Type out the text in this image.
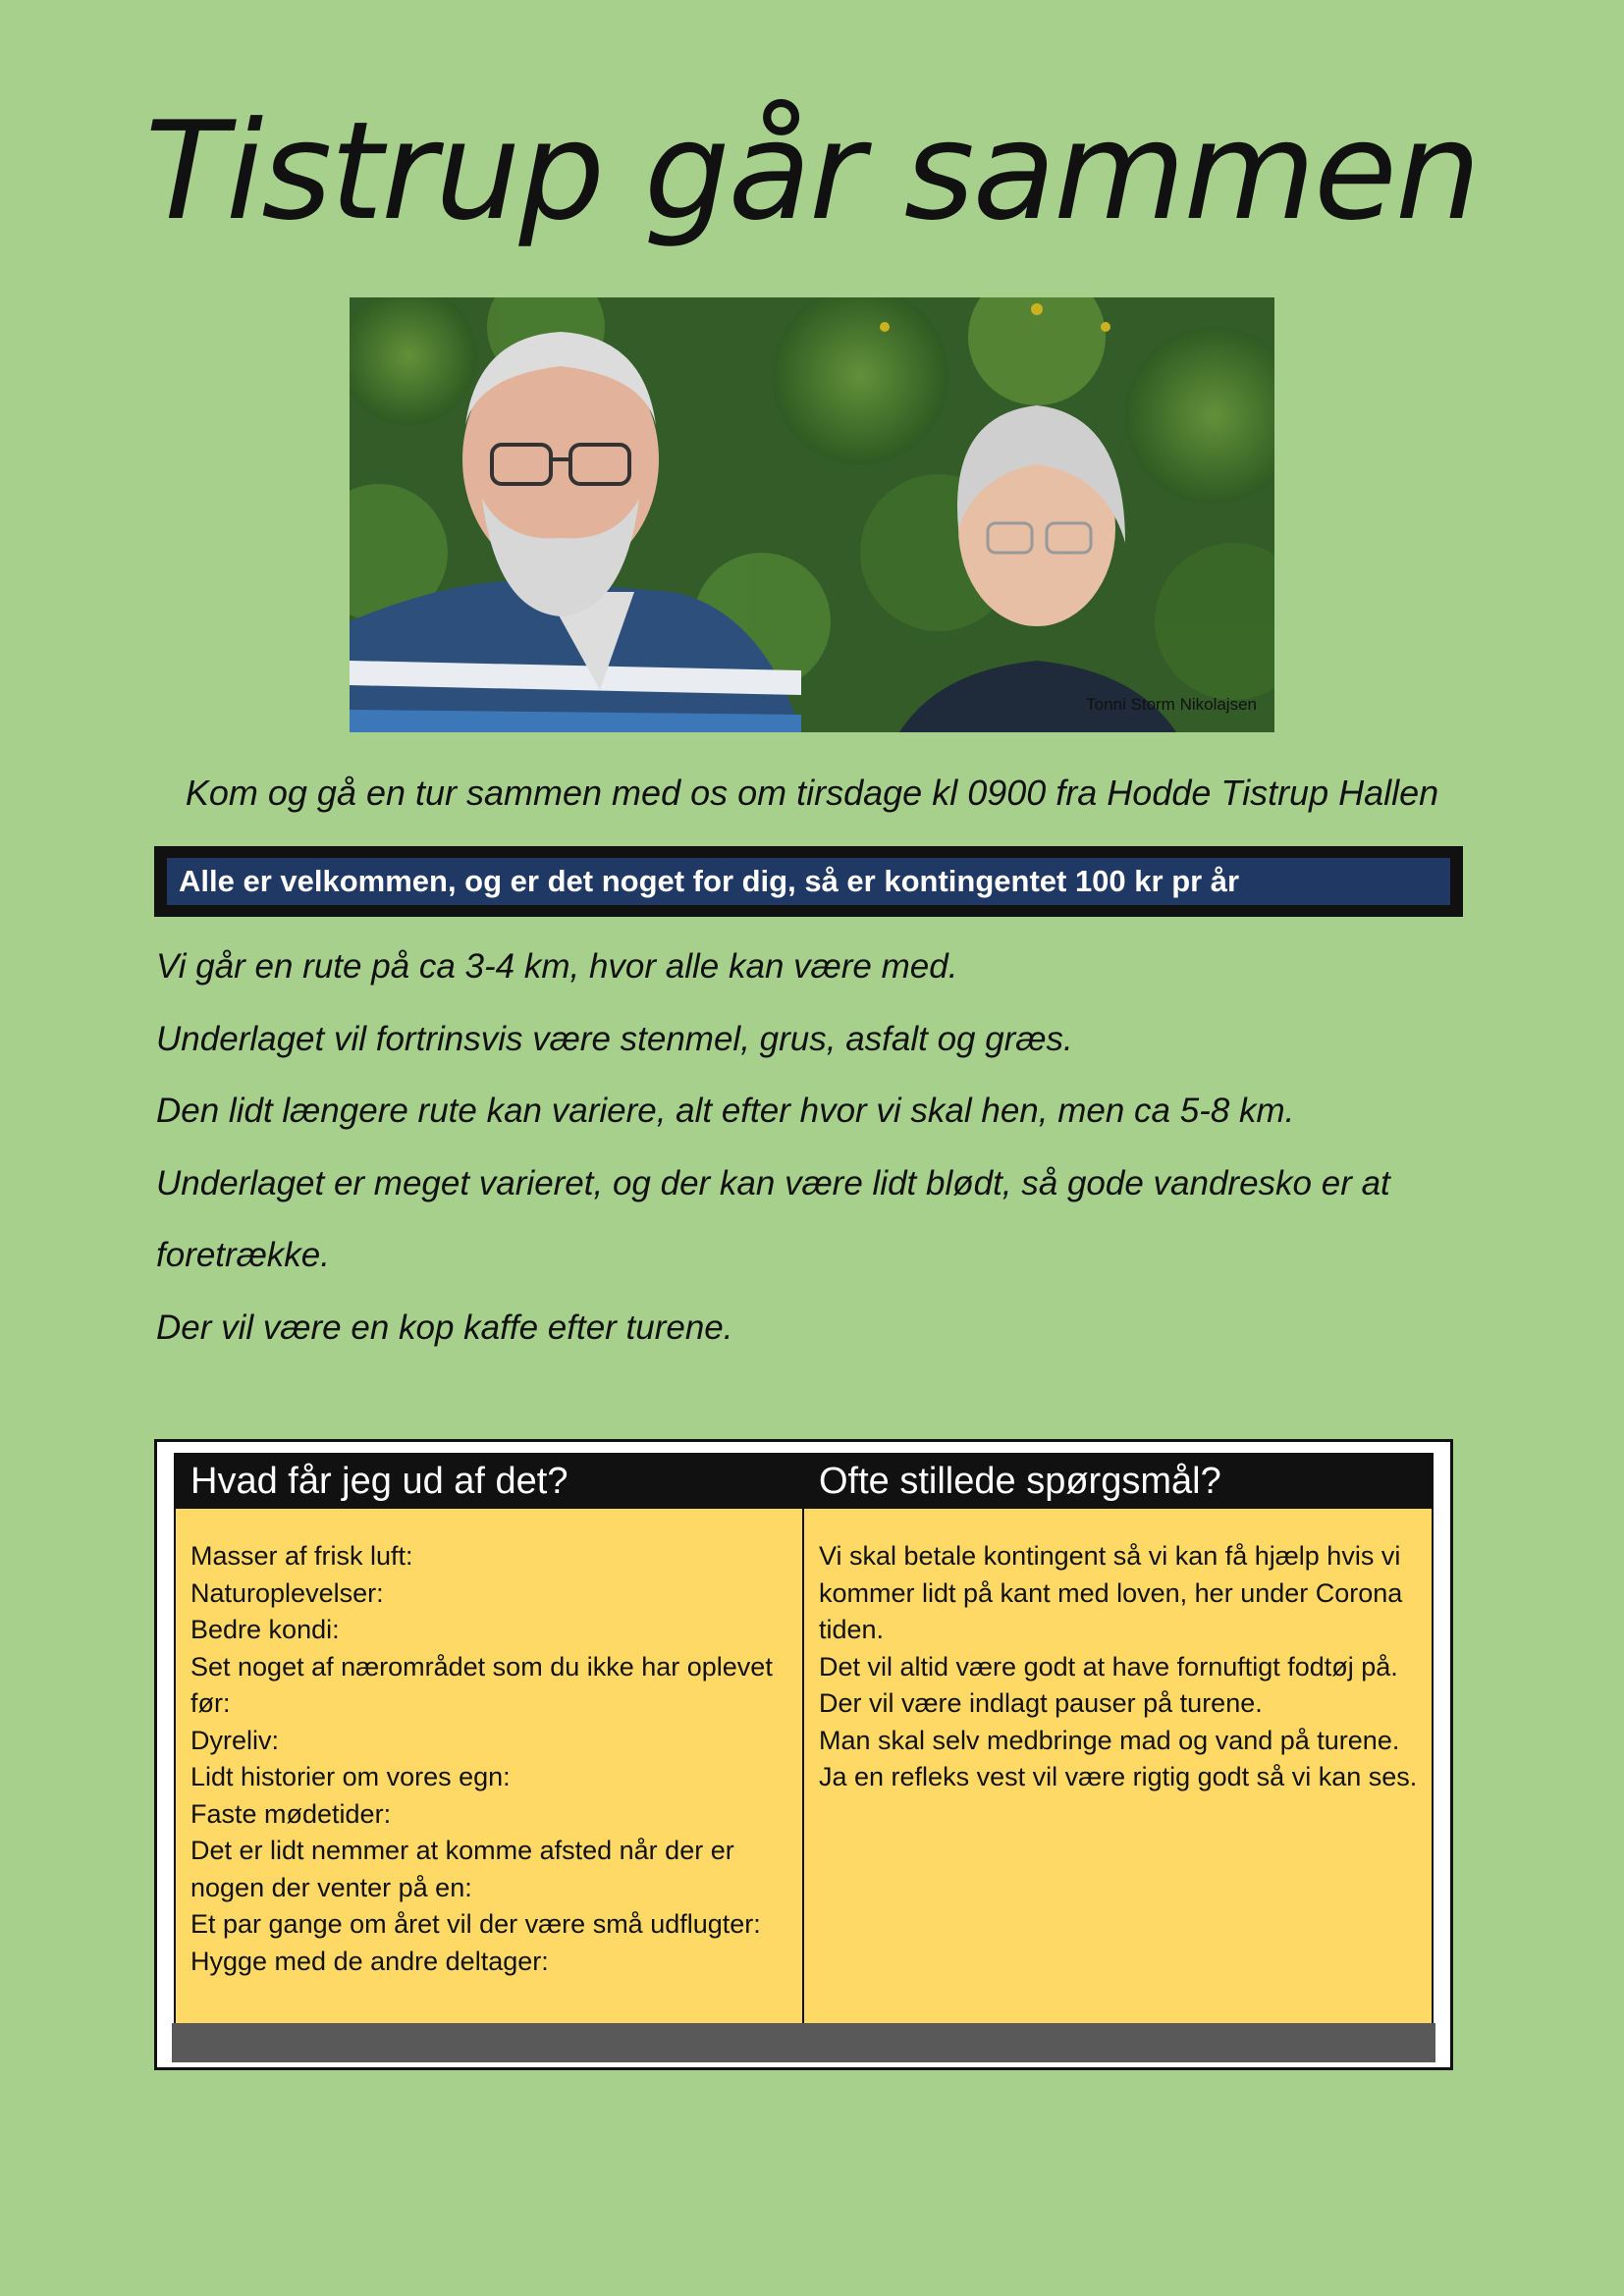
Tistrup går sammen
Tonni Storm Nikolajsen
Kom og gå en tur sammen med os om tirsdage kl 0900 fra Hodde Tistrup Hallen
Alle er velkommen, og er det noget for dig, så er kontingentet 100 kr pr år

Vi går en rute på ca 3-4 km, hvor alle kan være med.

Underlaget vil fortrinsvis være stenmel, grus, asfalt og græs.

Den lidt længere rute kan variere, alt efter hvor vi skal hen, men ca 5-8 km.

Underlaget er meget varieret, og der kan være lidt blødt, så gode vandresko er at foretrække.

Der vil være en kop kaffe efter turene.

Hvad får jeg ud af det?
Masser af frisk luft:
Naturoplevelser:
Bedre kondi:
Set noget af nærområdet som du ikke har oplevet før:
Dyreliv:
Lidt historier om vores egn:
Faste mødetider:
Det er lidt nemmer at komme afsted når der er nogen der venter på en:
Et par gange om året vil der være små udflugter:
Hygge med de andre deltager:
Ofte stillede spørgsmål?
Vi skal betale kontingent så vi kan få hjælp hvis vi kommer lidt på kant med loven, her under Corona tiden.
Det vil altid være godt at have fornuftigt fodtøj på.
Der vil være indlagt pauser på turene.
Man skal selv medbringe mad og vand på turene.
Ja en refleks vest vil være rigtig godt så vi kan ses.
